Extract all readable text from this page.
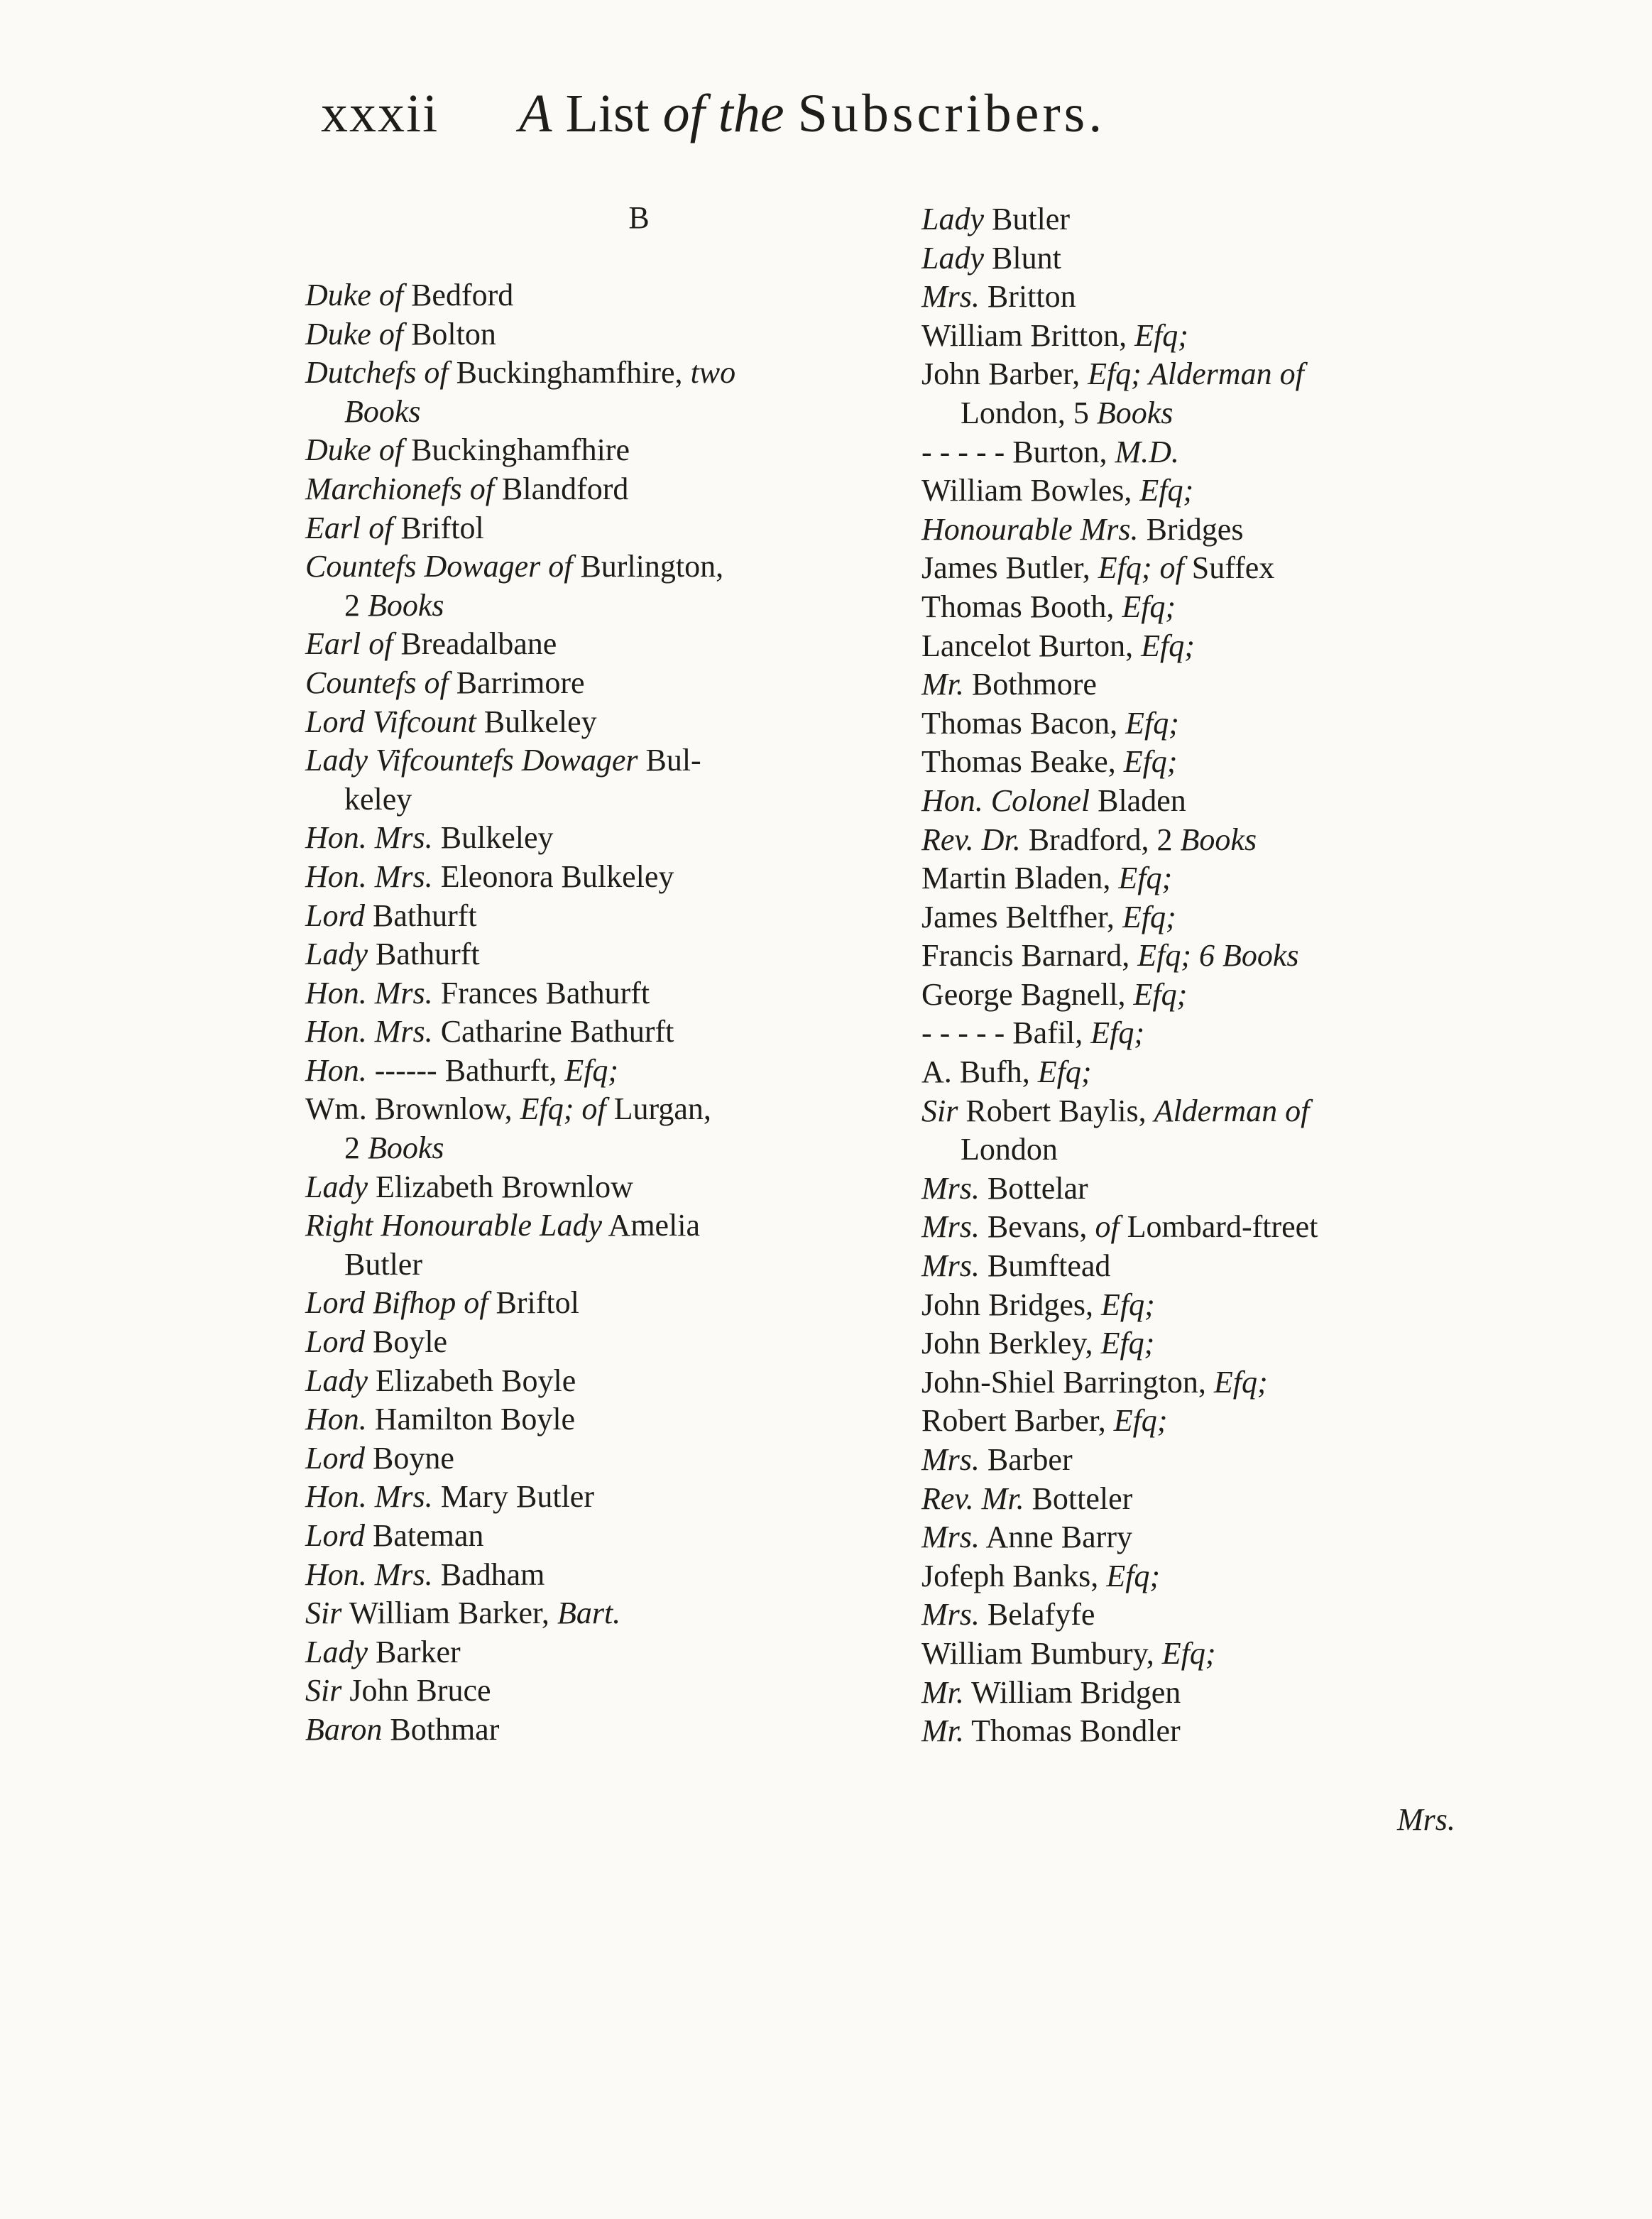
xxxii A List of the Subscribers.
B
Duke of Bedford
Duke of Bolton
Dutchefs of Buckinghamfhire, two
Books
Duke of Buckinghamfhire
Marchionefs of Blandford
Earl of Briftol
Countefs Dowager of Burlington,
2 Books
Earl of Breadalbane
Countefs of Barrimore
Lord Vifcount Bulkeley
Lady Vifcountefs Dowager Bul-
keley
Hon. Mrs. Bulkeley
Hon. Mrs. Eleonora Bulkeley
Lord Bathurft
Lady Bathurft
Hon. Mrs. Frances Bathurft
Hon. Mrs. Catharine Bathurft
Hon. ------ Bathurft, Efq;
Wm. Brownlow, Efq; of Lurgan,
2 Books
Lady Elizabeth Brownlow
Right Honourable Lady Amelia
Butler
Lord Bifhop of Briftol
Lord Boyle
Lady Elizabeth Boyle
Hon. Hamilton Boyle
Lord Boyne
Hon. Mrs. Mary Butler
Lord Bateman
Hon. Mrs. Badham
Sir William Barker, Bart.
Lady Barker
Sir John Bruce
Baron Bothmar
Lady Butler
Lady Blunt
Mrs. Britton
William Britton, Efq;
John Barber, Efq; Alderman of
London, 5 Books
- - - - - Burton, M.D.
William Bowles, Efq;
Honourable Mrs. Bridges
James Butler, Efq; of Suffex
Thomas Booth, Efq;
Lancelot Burton, Efq;
Mr. Bothmore
Thomas Bacon, Efq;
Thomas Beake, Efq;
Hon. Colonel Bladen
Rev. Dr. Bradford, 2 Books
Martin Bladen, Efq;
James Beltfher, Efq;
Francis Barnard, Efq; 6 Books
George Bagnell, Efq;
- - - - - Bafil, Efq;
A. Bufh, Efq;
Sir Robert Baylis, Alderman of
London
Mrs. Bottelar
Mrs. Bevans, of Lombard-ftreet
Mrs. Bumftead
John Bridges, Efq;
John Berkley, Efq;
John-Shiel Barrington, Efq;
Robert Barber, Efq;
Mrs. Barber
Rev. Mr. Botteler
Mrs. Anne Barry
Jofeph Banks, Efq;
Mrs. Belafyfe
William Bumbury, Efq;
Mr. William Bridgen
Mr. Thomas Bondler
Mrs.
